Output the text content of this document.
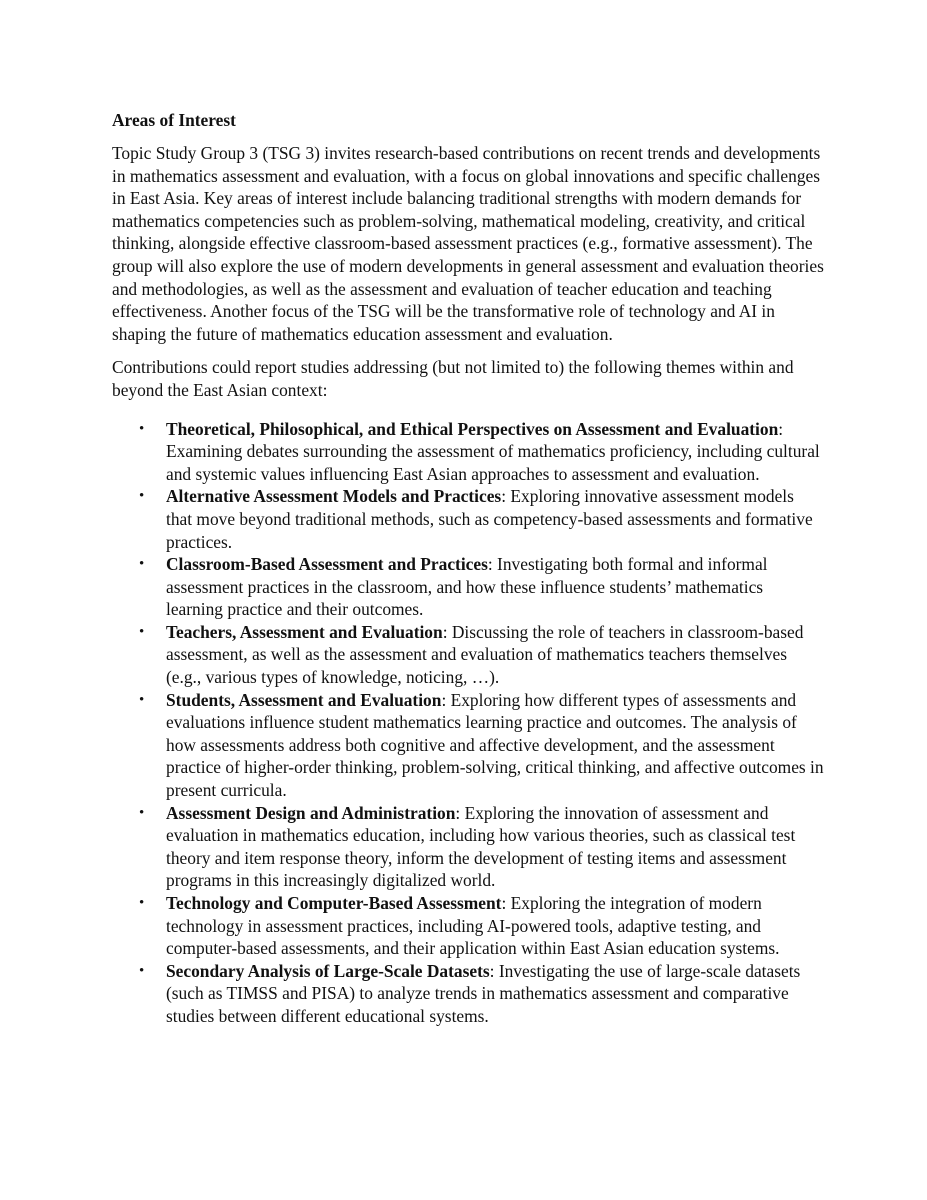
Areas of Interest

Topic Study Group 3 (TSG 3) invites research-based contributions on recent trends and developments in mathematics assessment and evaluation, with a focus on global innovations and specific challenges in East Asia. Key areas of interest include balancing traditional strengths with modern demands for mathematics competencies such as problem-solving, mathematical modeling, creativity, and critical thinking, alongside effective classroom-based assessment practices (e.g., formative assessment). The group will also explore the use of modern developments in general assessment and evaluation theories and methodologies, as well as the assessment and evaluation of teacher education and teaching effectiveness. Another focus of the TSG will be the transformative role of technology and AI in shaping the future of mathematics education assessment and evaluation.

Contributions could report studies addressing (but not limited to) the following themes within and beyond the East Asian context:

• Theoretical, Philosophical, and Ethical Perspectives on Assessment and Evaluation: Examining debates surrounding the assessment of mathematics proficiency, including cultural and systemic values influencing East Asian approaches to assessment and evaluation.
• Alternative Assessment Models and Practices: Exploring innovative assessment models that move beyond traditional methods, such as competency-based assessments and formative practices.
• Classroom-Based Assessment and Practices: Investigating both formal and informal assessment practices in the classroom, and how these influence students’ mathematics learning practice and their outcomes.
• Teachers, Assessment and Evaluation: Discussing the role of teachers in classroom-based assessment, as well as the assessment and evaluation of mathematics teachers themselves (e.g., various types of knowledge, noticing, …).
• Students, Assessment and Evaluation: Exploring how different types of assessments and evaluations influence student mathematics learning practice and outcomes. The analysis of how assessments address both cognitive and affective development, and the assessment practice of higher-order thinking, problem-solving, critical thinking, and affective outcomes in present curricula.
• Assessment Design and Administration: Exploring the innovation of assessment and evaluation in mathematics education, including how various theories, such as classical test theory and item response theory, inform the development of testing items and assessment programs in this increasingly digitalized world.
• Technology and Computer-Based Assessment: Exploring the integration of modern technology in assessment practices, including AI-powered tools, adaptive testing, and computer-based assessments, and their application within East Asian education systems.
• Secondary Analysis of Large-Scale Datasets: Investigating the use of large-scale datasets (such as TIMSS and PISA) to analyze trends in mathematics assessment and comparative studies between different educational systems.
